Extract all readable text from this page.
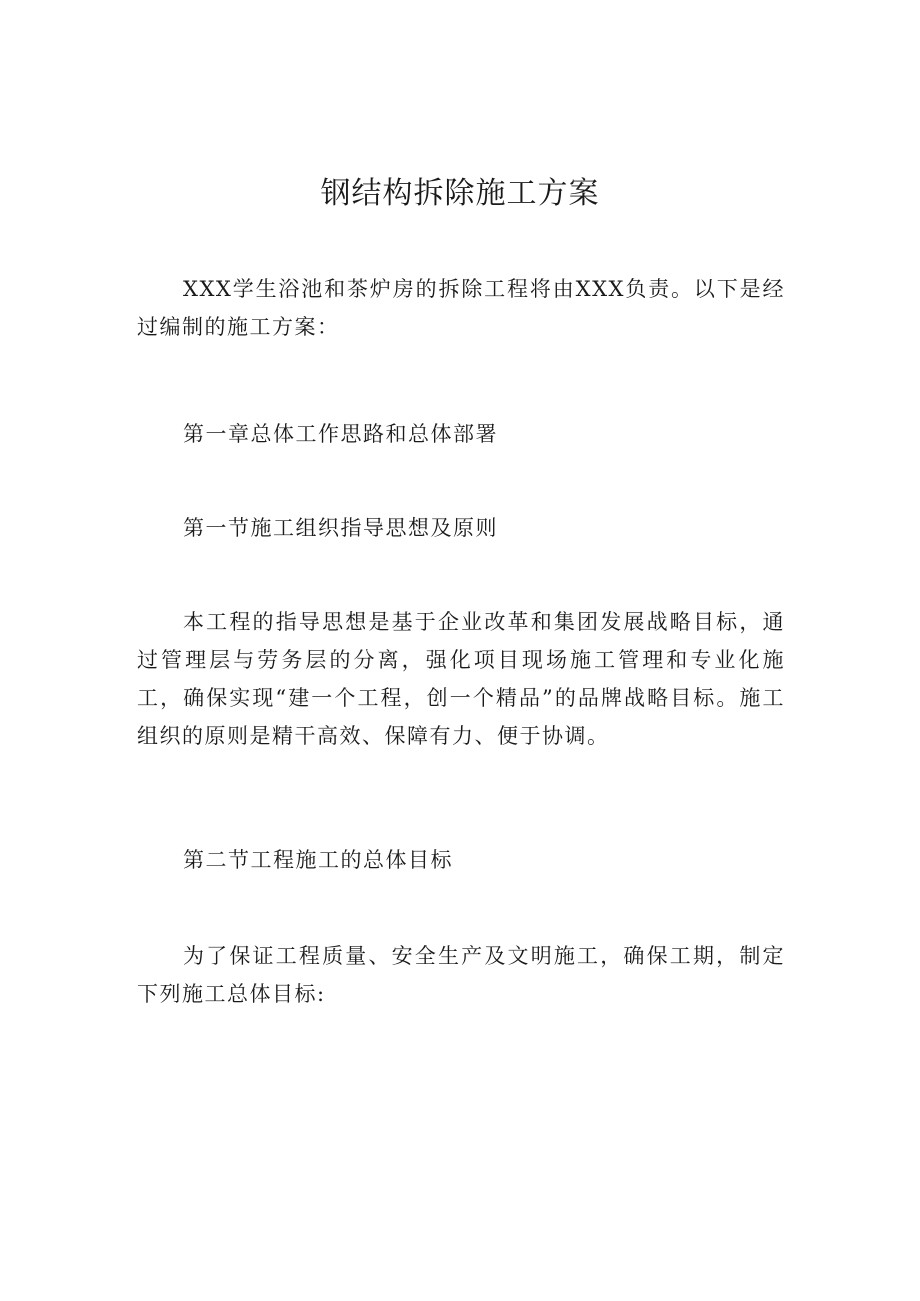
钢结构拆除施工方案

XXX学生浴池和茶炉房的拆除工程将由XXX负责。以下是经过编制的施工方案：

第一章总体工作思路和总体部署

第一节施工组织指导思想及原则

本工程的指导思想是基于企业改革和集团发展战略目标，通过管理层与劳务层的分离，强化项目现场施工管理和专业化施工，确保实现“建一个工程，创一个精品”的品牌战略目标。施工组织的原则是精干高效、保障有力、便于协调。

第二节工程施工的总体目标

为了保证工程质量、安全生产及文明施工，确保工期，制定下列施工总体目标:
